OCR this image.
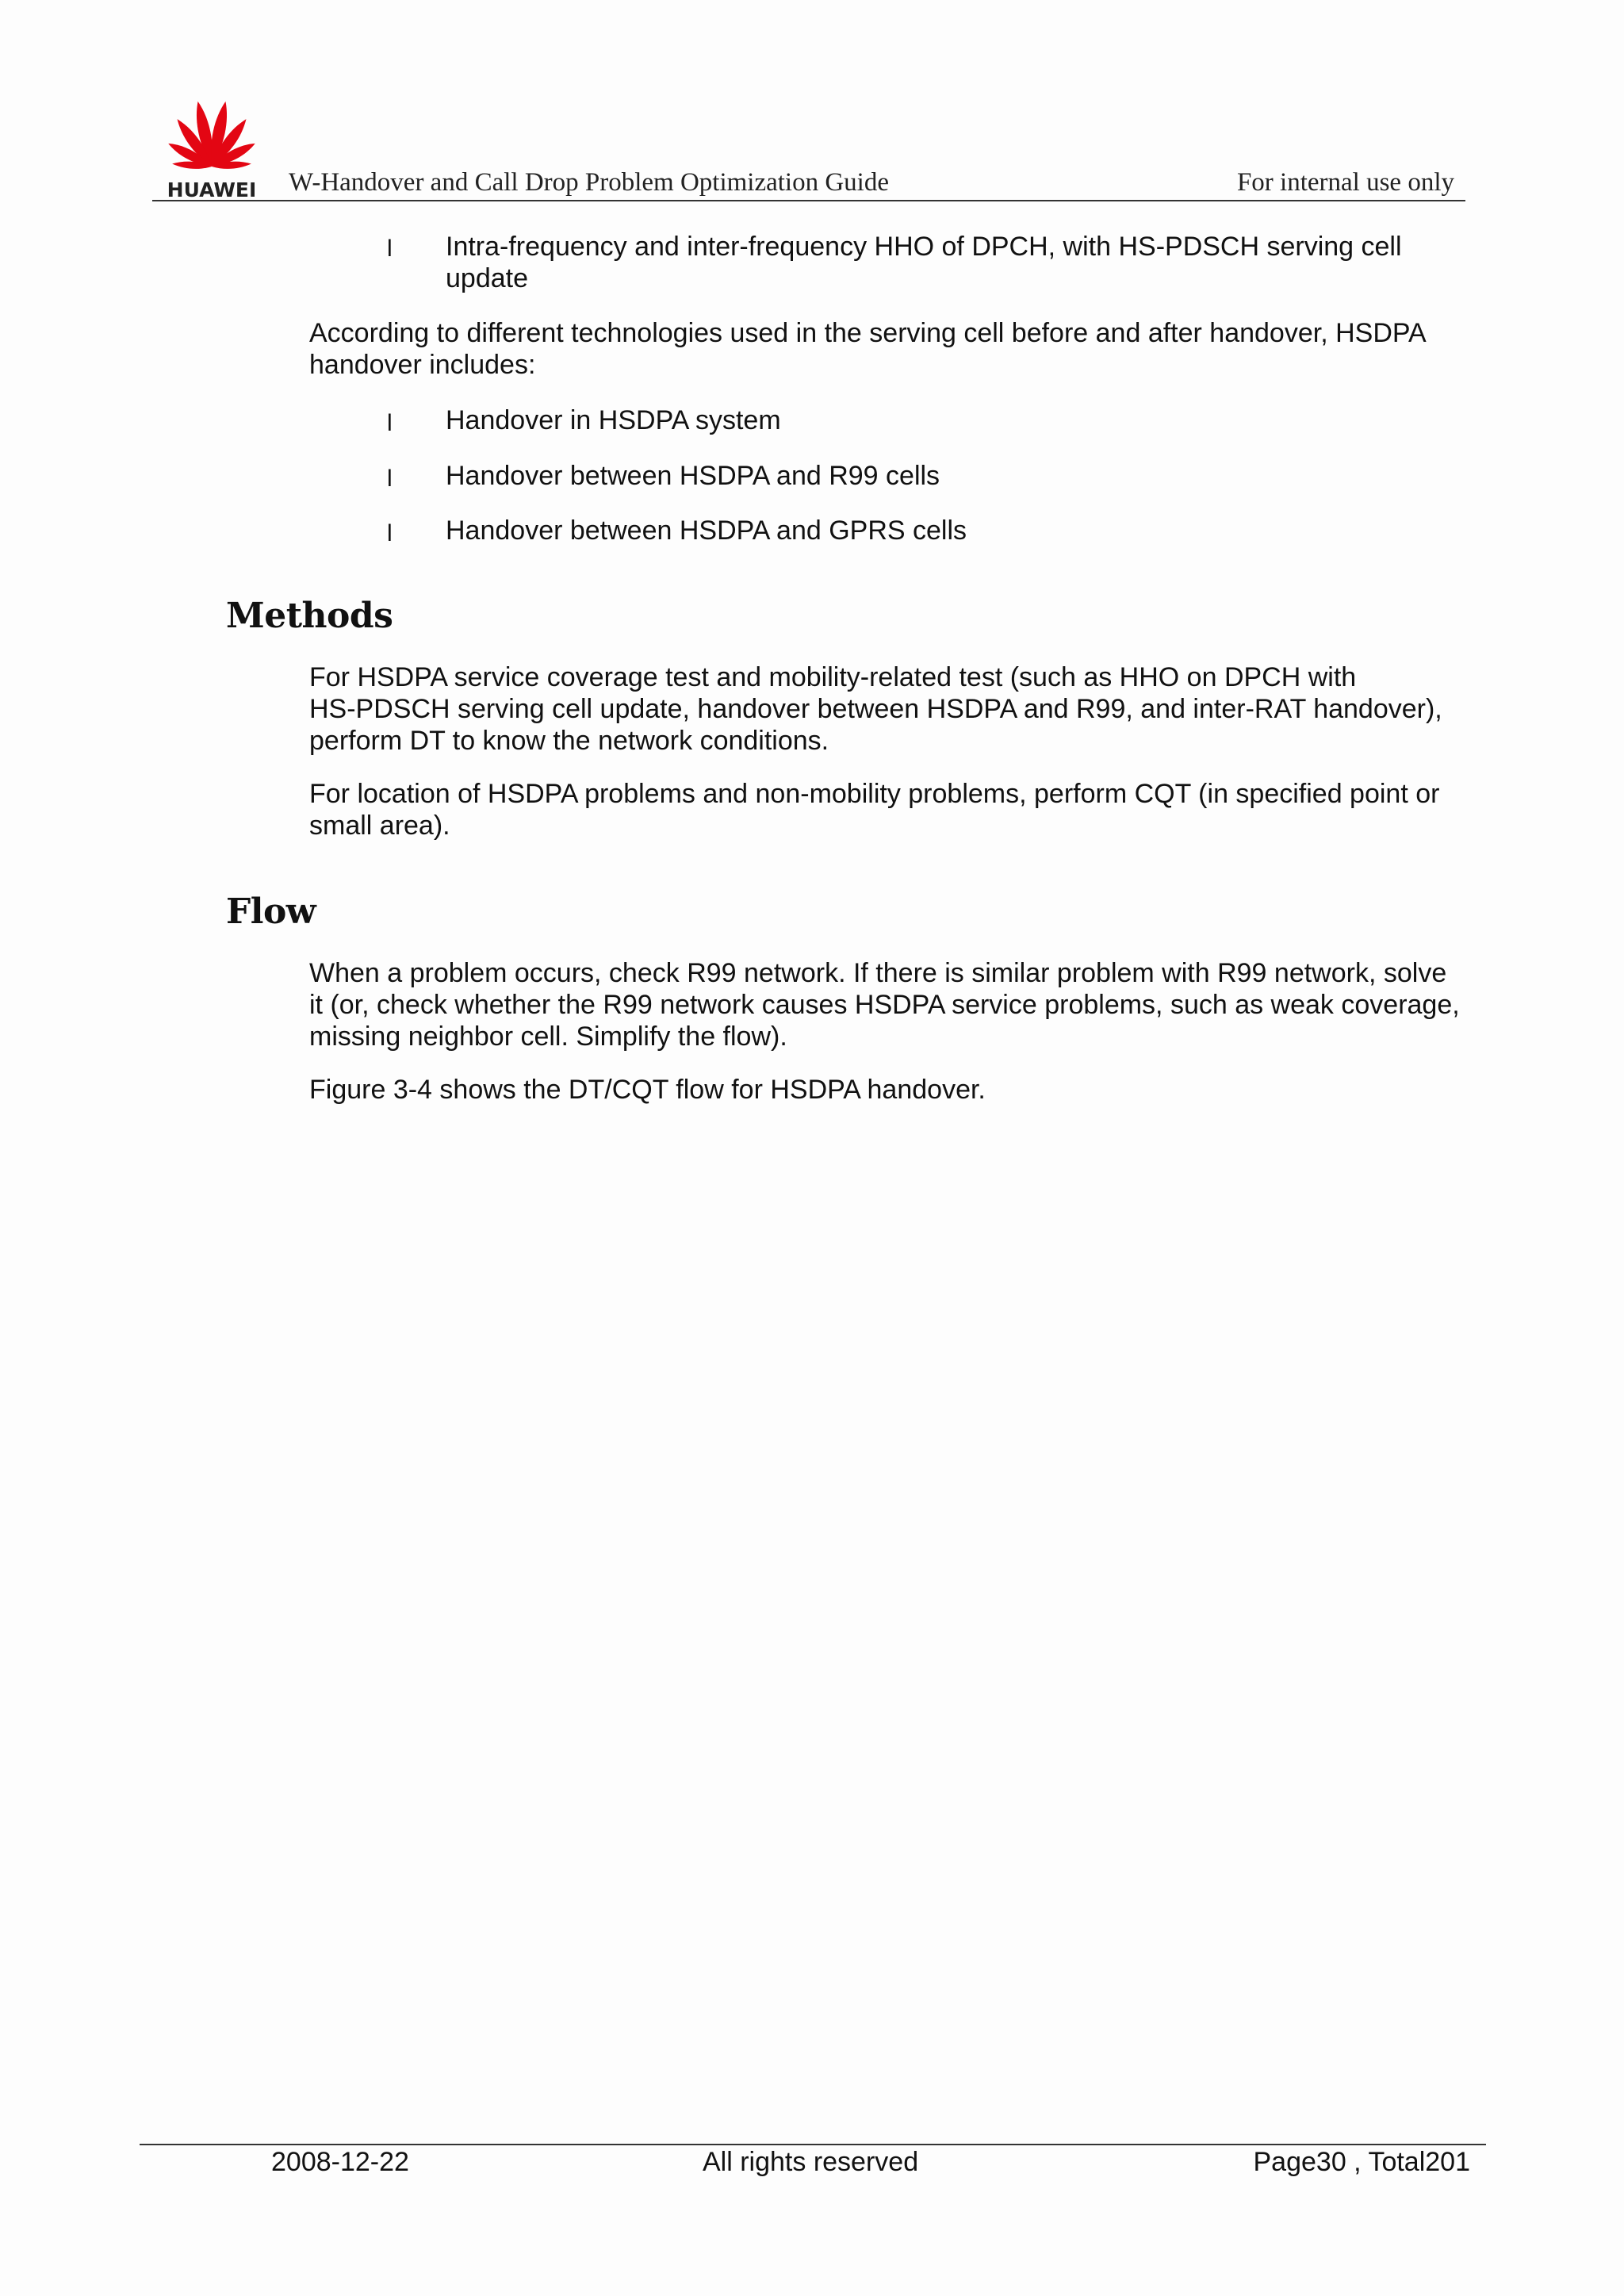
HUAWEI W-Handover and Call Drop Problem Optimization Guide	For internal use only
l Intra-frequency and inter-frequency HHO of DPCH, with HS-PDSCH serving cell
update
According to different technologies used in the serving cell before and after handover, HSDPA
handover includes:
l Handover in HSDPA system
l Handover between HSDPA and R99 cells
l Handover between HSDPA and GPRS cells
Methods
For HSDPA service coverage test and mobility-related test (such as HHO on DPCH with
HS-PDSCH serving cell update, handover between HSDPA and R99, and inter-RAT handover),
perform DT to know the network conditions.
For location of HSDPA problems and non-mobility problems, perform CQT (in specified point or
small area).
Flow
When a problem occurs, check R99 network. If there is similar problem with R99 network, solve
it (or, check whether the R99 network causes HSDPA service problems, such as weak coverage,
missing neighbor cell. Simplify the flow).
Figure 3-4 shows the DT/CQT flow for HSDPA handover.
2008-12-22	All rights reserved	Page30 , Total201
